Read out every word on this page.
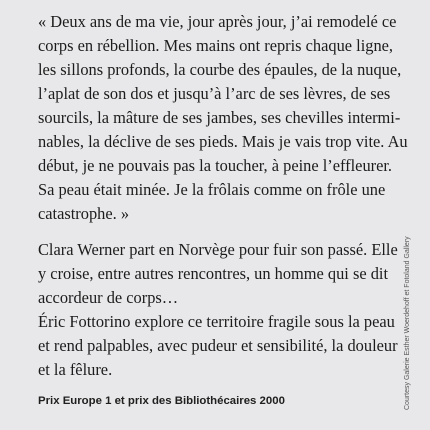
« Deux ans de ma vie, jour après jour, j’ai remodelé ce
corps en rébellion. Mes mains ont repris chaque ligne,
les sillons profonds, la courbe des épaules, de la nuque,
l’aplat de son dos et jusqu’à l’arc de ses lèvres, de ses
sourcils, la mâture de ses jambes, ses chevilles intermi-
nables, la déclive de ses pieds. Mais je vais trop vite. Au
début, je ne pouvais pas la toucher, à peine l’effleurer.
Sa peau était minée. Je la frôlais comme on frôle une
catastrophe. »
Clara Werner part en Norvège pour fuir son passé. Elle
y croise, entre autres rencontres, un homme qui se dit
accordeur de corps…
Éric Fottorino explore ce territoire fragile sous la peau
et rend palpables, avec pudeur et sensibilité, la douleur
et la fêlure.
Prix Europe 1 et prix des Bibliothécaires 2000	Courtesy Galerie Esther Woerdehoff et Fotoland Gallery
